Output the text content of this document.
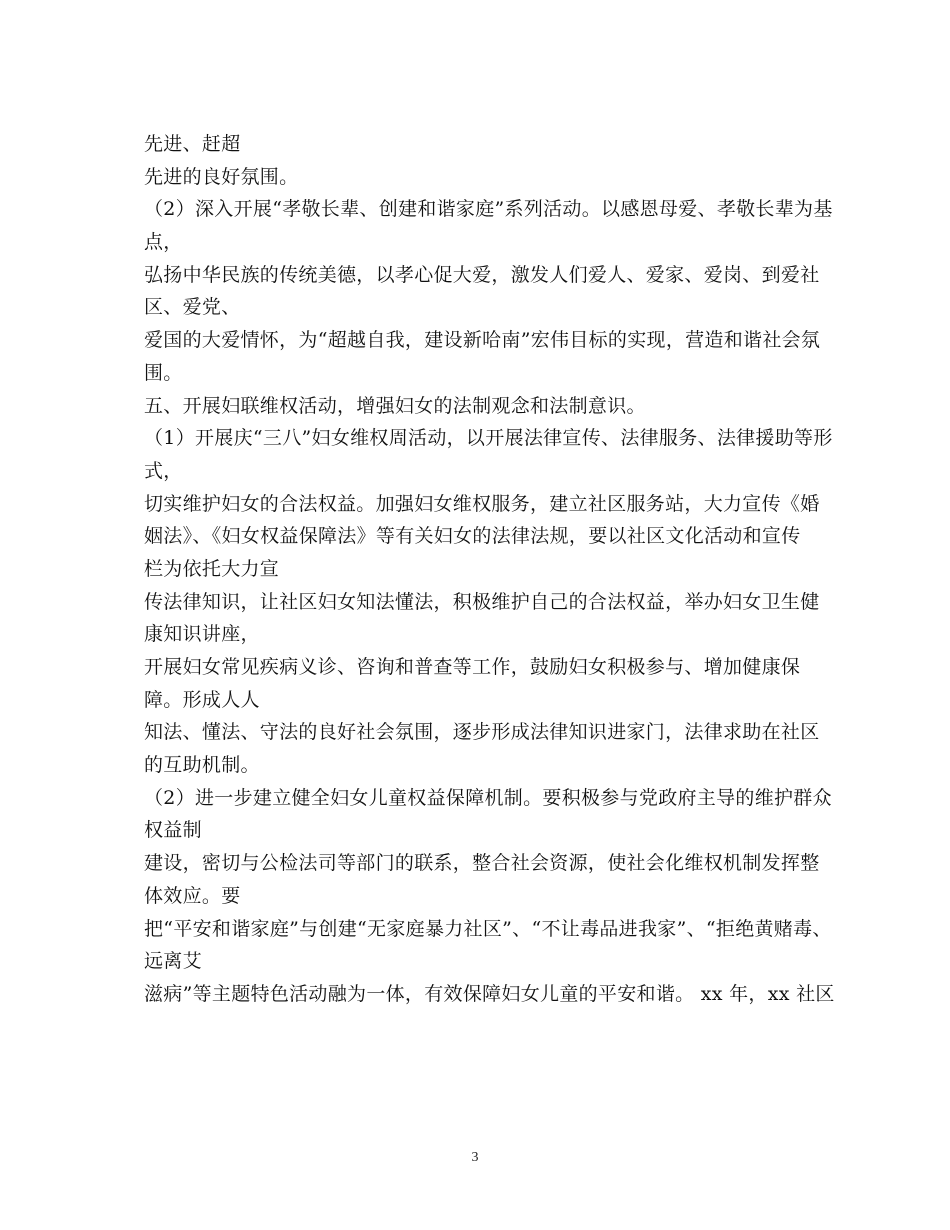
先进、赶超
先进的良好氛围。
（2）深入开展“孝敬长辈、创建和谐家庭”系列活动。以感恩母爱、孝敬长辈为基
点，
弘扬中华民族的传统美德，以孝心促大爱，激发人们爱人、爱家、爱岗、到爱社
区、爱党、
爱国的大爱情怀，为“超越自我，建设新哈南”宏伟目标的实现，营造和谐社会氛
围。
五、开展妇联维权活动，增强妇女的法制观念和法制意识。
（1）开展庆“三八”妇女维权周活动，以开展法律宣传、法律服务、法律援助等形
式，
切实维护妇女的合法权益。加强妇女维权服务，建立社区服务站，大力宣传《婚
姻法》、《妇女权益保障法》等有关妇女的法律法规，要以社区文化活动和宣传
栏为依托大力宣
传法律知识，让社区妇女知法懂法，积极维护自己的合法权益，举办妇女卫生健
康知识讲座，
开展妇女常见疾病义诊、咨询和普查等工作，鼓励妇女积极参与、增加健康保
障。形成人人
知法、懂法、守法的良好社会氛围，逐步形成法律知识进家门，法律求助在社区
的互助机制。
（2）进一步建立健全妇女儿童权益保障机制。要积极参与党政府主导的维护群众
权益制
建设，密切与公检法司等部门的联系，整合社会资源，使社会化维权机制发挥整
体效应。要
把“平安和谐家庭”与创建“无家庭暴力社区”、“不让毒品进我家”、“拒绝黄赌毒、
远离艾
滋病”等主题特色活动融为一体，有效保障妇女儿童的平安和谐。 xx 年，xx 社区
3
